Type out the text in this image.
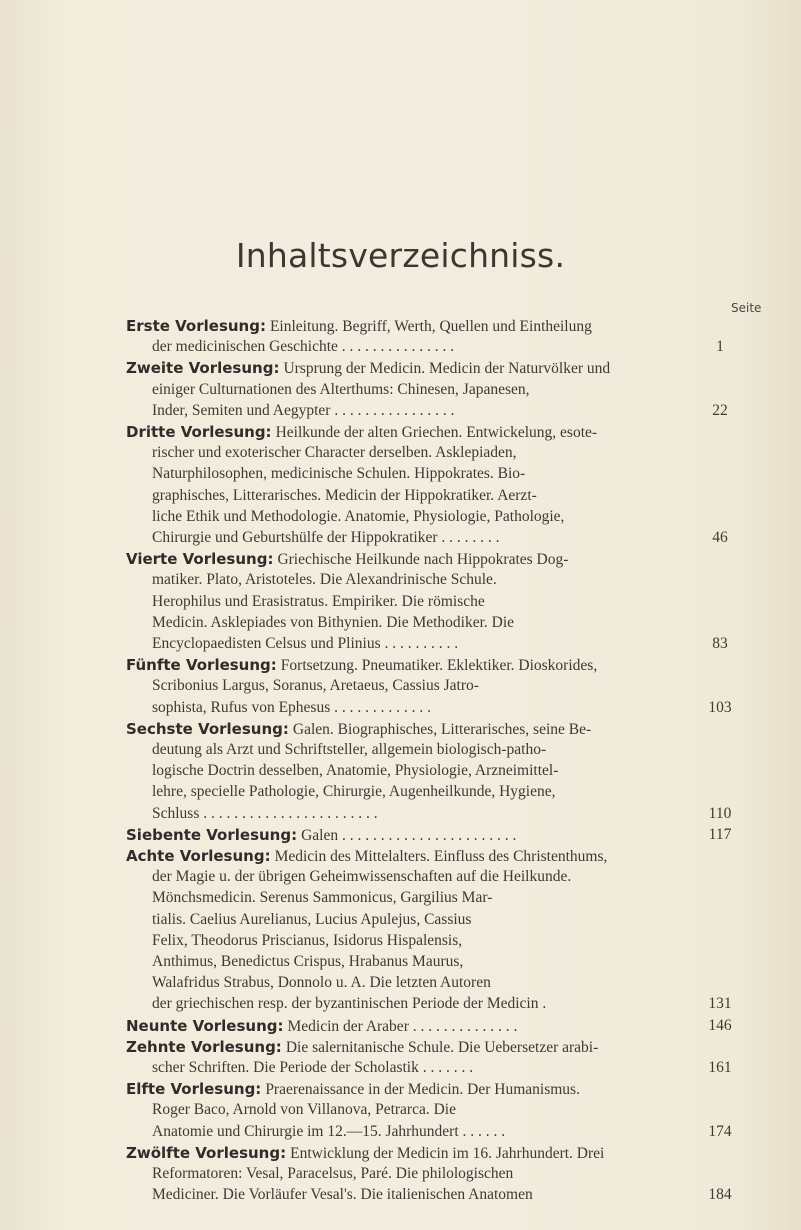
Inhaltsverzeichniss.
Seite
Erste Vorlesung: Einleitung. Begriff, Werth, Quellen und Eintheilung
der medicinischen Geschichte . . . . . . . . . . . . . . .	1
Zweite Vorlesung: Ursprung der Medicin. Medicin der Naturvölker und
einiger Culturnationen des Alterthums: Chinesen, Japanesen,
Inder, Semiten und Aegypter . . . . . . . . . . . . . . . .	22
Dritte Vorlesung: Heilkunde der alten Griechen. Entwickelung, esote-
rischer und exoterischer Character derselben. Asklepiaden,
Naturphilosophen, medicinische Schulen. Hippokrates. Bio-
graphisches, Litterarisches. Medicin der Hippokratiker. Aerzt-
liche Ethik und Methodologie. Anatomie, Physiologie, Pathologie,
Chirurgie und Geburtshülfe der Hippokratiker . . . . . . . .	46
Vierte Vorlesung: Griechische Heilkunde nach Hippokrates Dog-
matiker. Plato, Aristoteles. Die Alexandrinische Schule.
Herophilus und Erasistratus. Empiriker. Die römische
Medicin. Asklepiades von Bithynien. Die Methodiker. Die
Encyclopaedisten Celsus und Plinius . . . . . . . . . .	83
Fünfte Vorlesung: Fortsetzung. Pneumatiker. Eklektiker. Dioskorides,
Scribonius Largus, Soranus, Aretaeus, Cassius Jatro-
sophista, Rufus von Ephesus . . . . . . . . . . . . .	103
Sechste Vorlesung: Galen. Biographisches, Litterarisches, seine Be-
deutung als Arzt und Schriftsteller, allgemein biologisch-patho-
logische Doctrin desselben, Anatomie, Physiologie, Arzneimittel-
lehre, specielle Pathologie, Chirurgie, Augenheilkunde, Hygiene,
Schluss . . . . . . . . . . . . . . . . . . . . . . .	110
Siebente Vorlesung: Galen . . . . . . . . . . . . . . . . . . . . . . .	117
Achte Vorlesung: Medicin des Mittelalters. Einfluss des Christenthums,
der Magie u. der übrigen Geheimwissenschaften auf die Heilkunde.
Mönchsmedicin. Serenus Sammonicus, Gargilius Mar-
tialis. Caelius Aurelianus, Lucius Apulejus, Cassius
Felix, Theodorus Priscianus, Isidorus Hispalensis,
Anthimus, Benedictus Crispus, Hrabanus Maurus,
Walafridus Strabus, Donnolo u. A. Die letzten Autoren
der griechischen resp. der byzantinischen Periode der Medicin .	131
Neunte Vorlesung: Medicin der Araber . . . . . . . . . . . . . .	146
Zehnte Vorlesung: Die salernitanische Schule. Die Uebersetzer arabi-
scher Schriften. Die Periode der Scholastik . . . . . . .	161
Elfte Vorlesung: Praerenaissance in der Medicin. Der Humanismus.
Roger Baco, Arnold von Villanova, Petrarca. Die
Anatomie und Chirurgie im 12.—15. Jahrhundert . . . . . .	174
Zwölfte Vorlesung: Entwicklung der Medicin im 16. Jahrhundert. Drei
Reformatoren: Vesal, Paracelsus, Paré. Die philologischen
Mediciner. Die Vorläufer Vesal's. Die italienischen Anatomen	184
